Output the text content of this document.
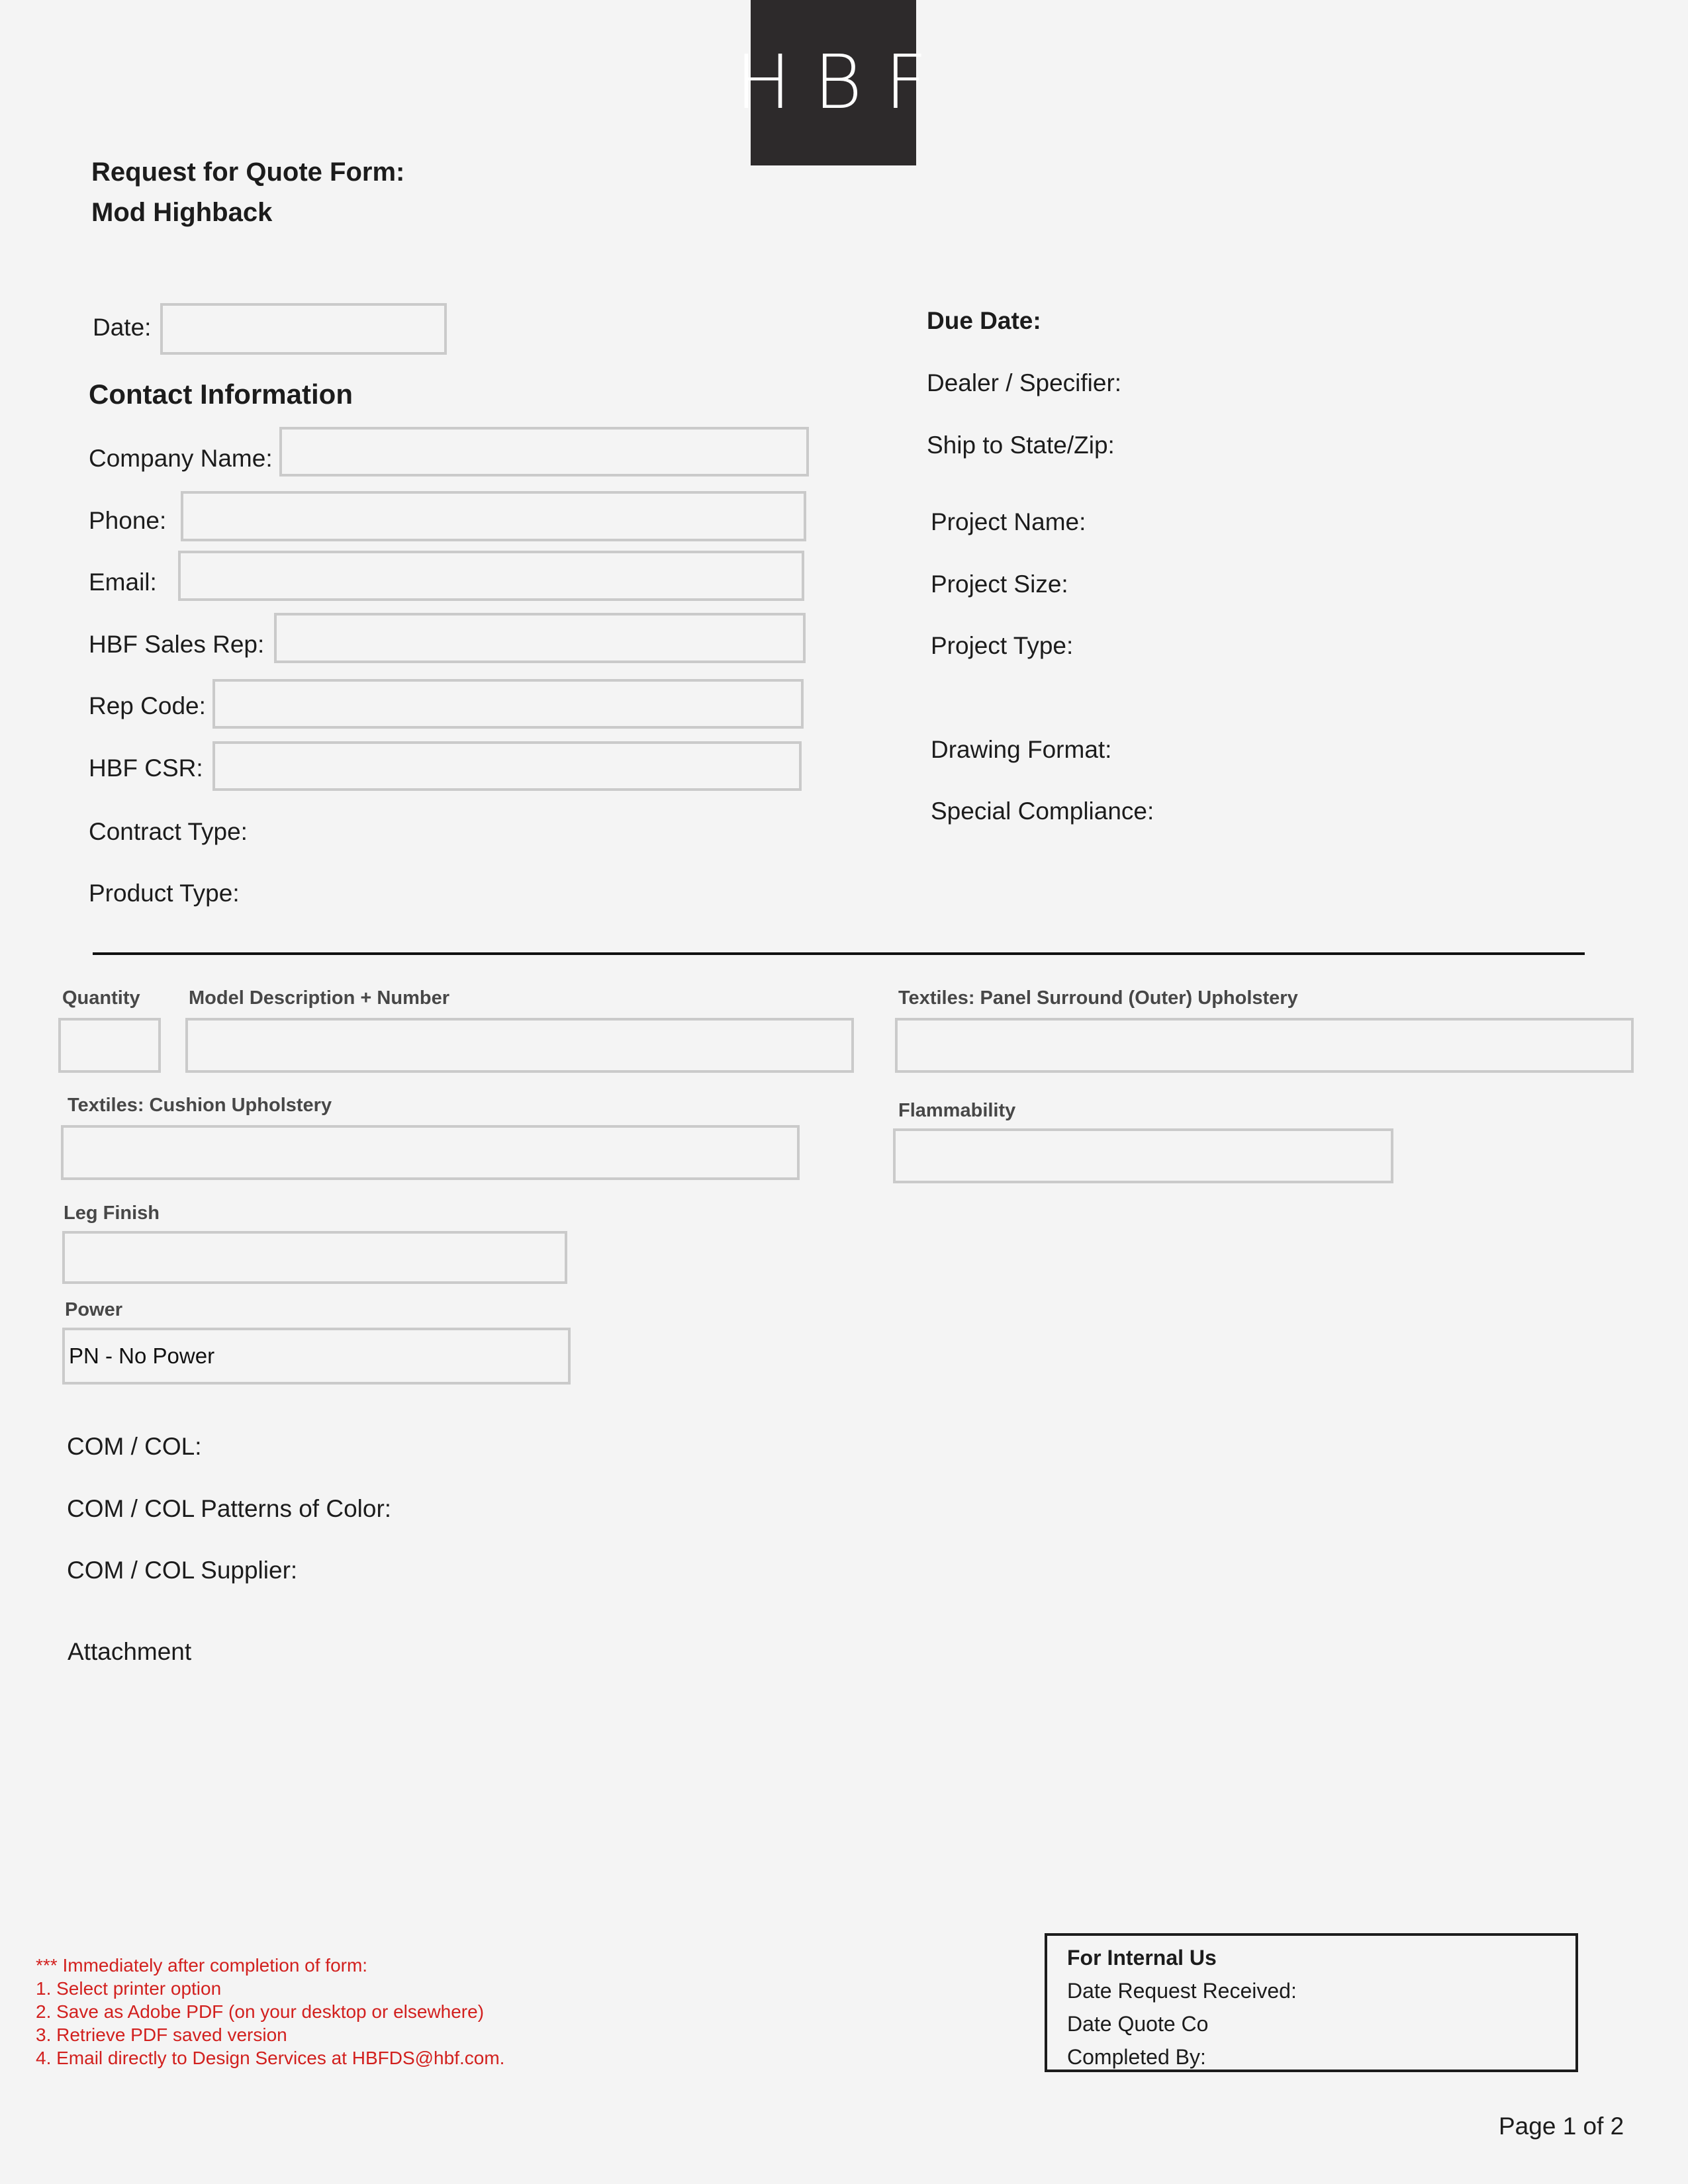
HBF
Request for Quote Form:
Mod Highback
Date:
Contact Information
Company Name:
Phone:
Email:
HBF Sales Rep:
Rep Code:
HBF CSR:
Contract Type:
Product Type:
Due Date:
Dealer / Specifier:
Ship to State/Zip:
Project Name:
Project Size:
Project Type:
Drawing Format:
Special Compliance:
Quantity	Model Description + Number	Textiles: Panel Surround (Outer) Upholstery
Textiles: Cushion Upholstery	Flammability
Leg Finish
Power
PN - No Power
COM / COL:
COM / COL Patterns of Color:
COM / COL Supplier:
Attachment
*** Immediately after completion of form:
1. Select printer option
2. Save as Adobe PDF (on your desktop or elsewhere)
3. Retrieve PDF saved version
4. Email directly to Design Services at HBFDS@hbf.com.
For Internal Us
Date Request Received:
Date Quote Co
Completed By:
Page 1 of 2
